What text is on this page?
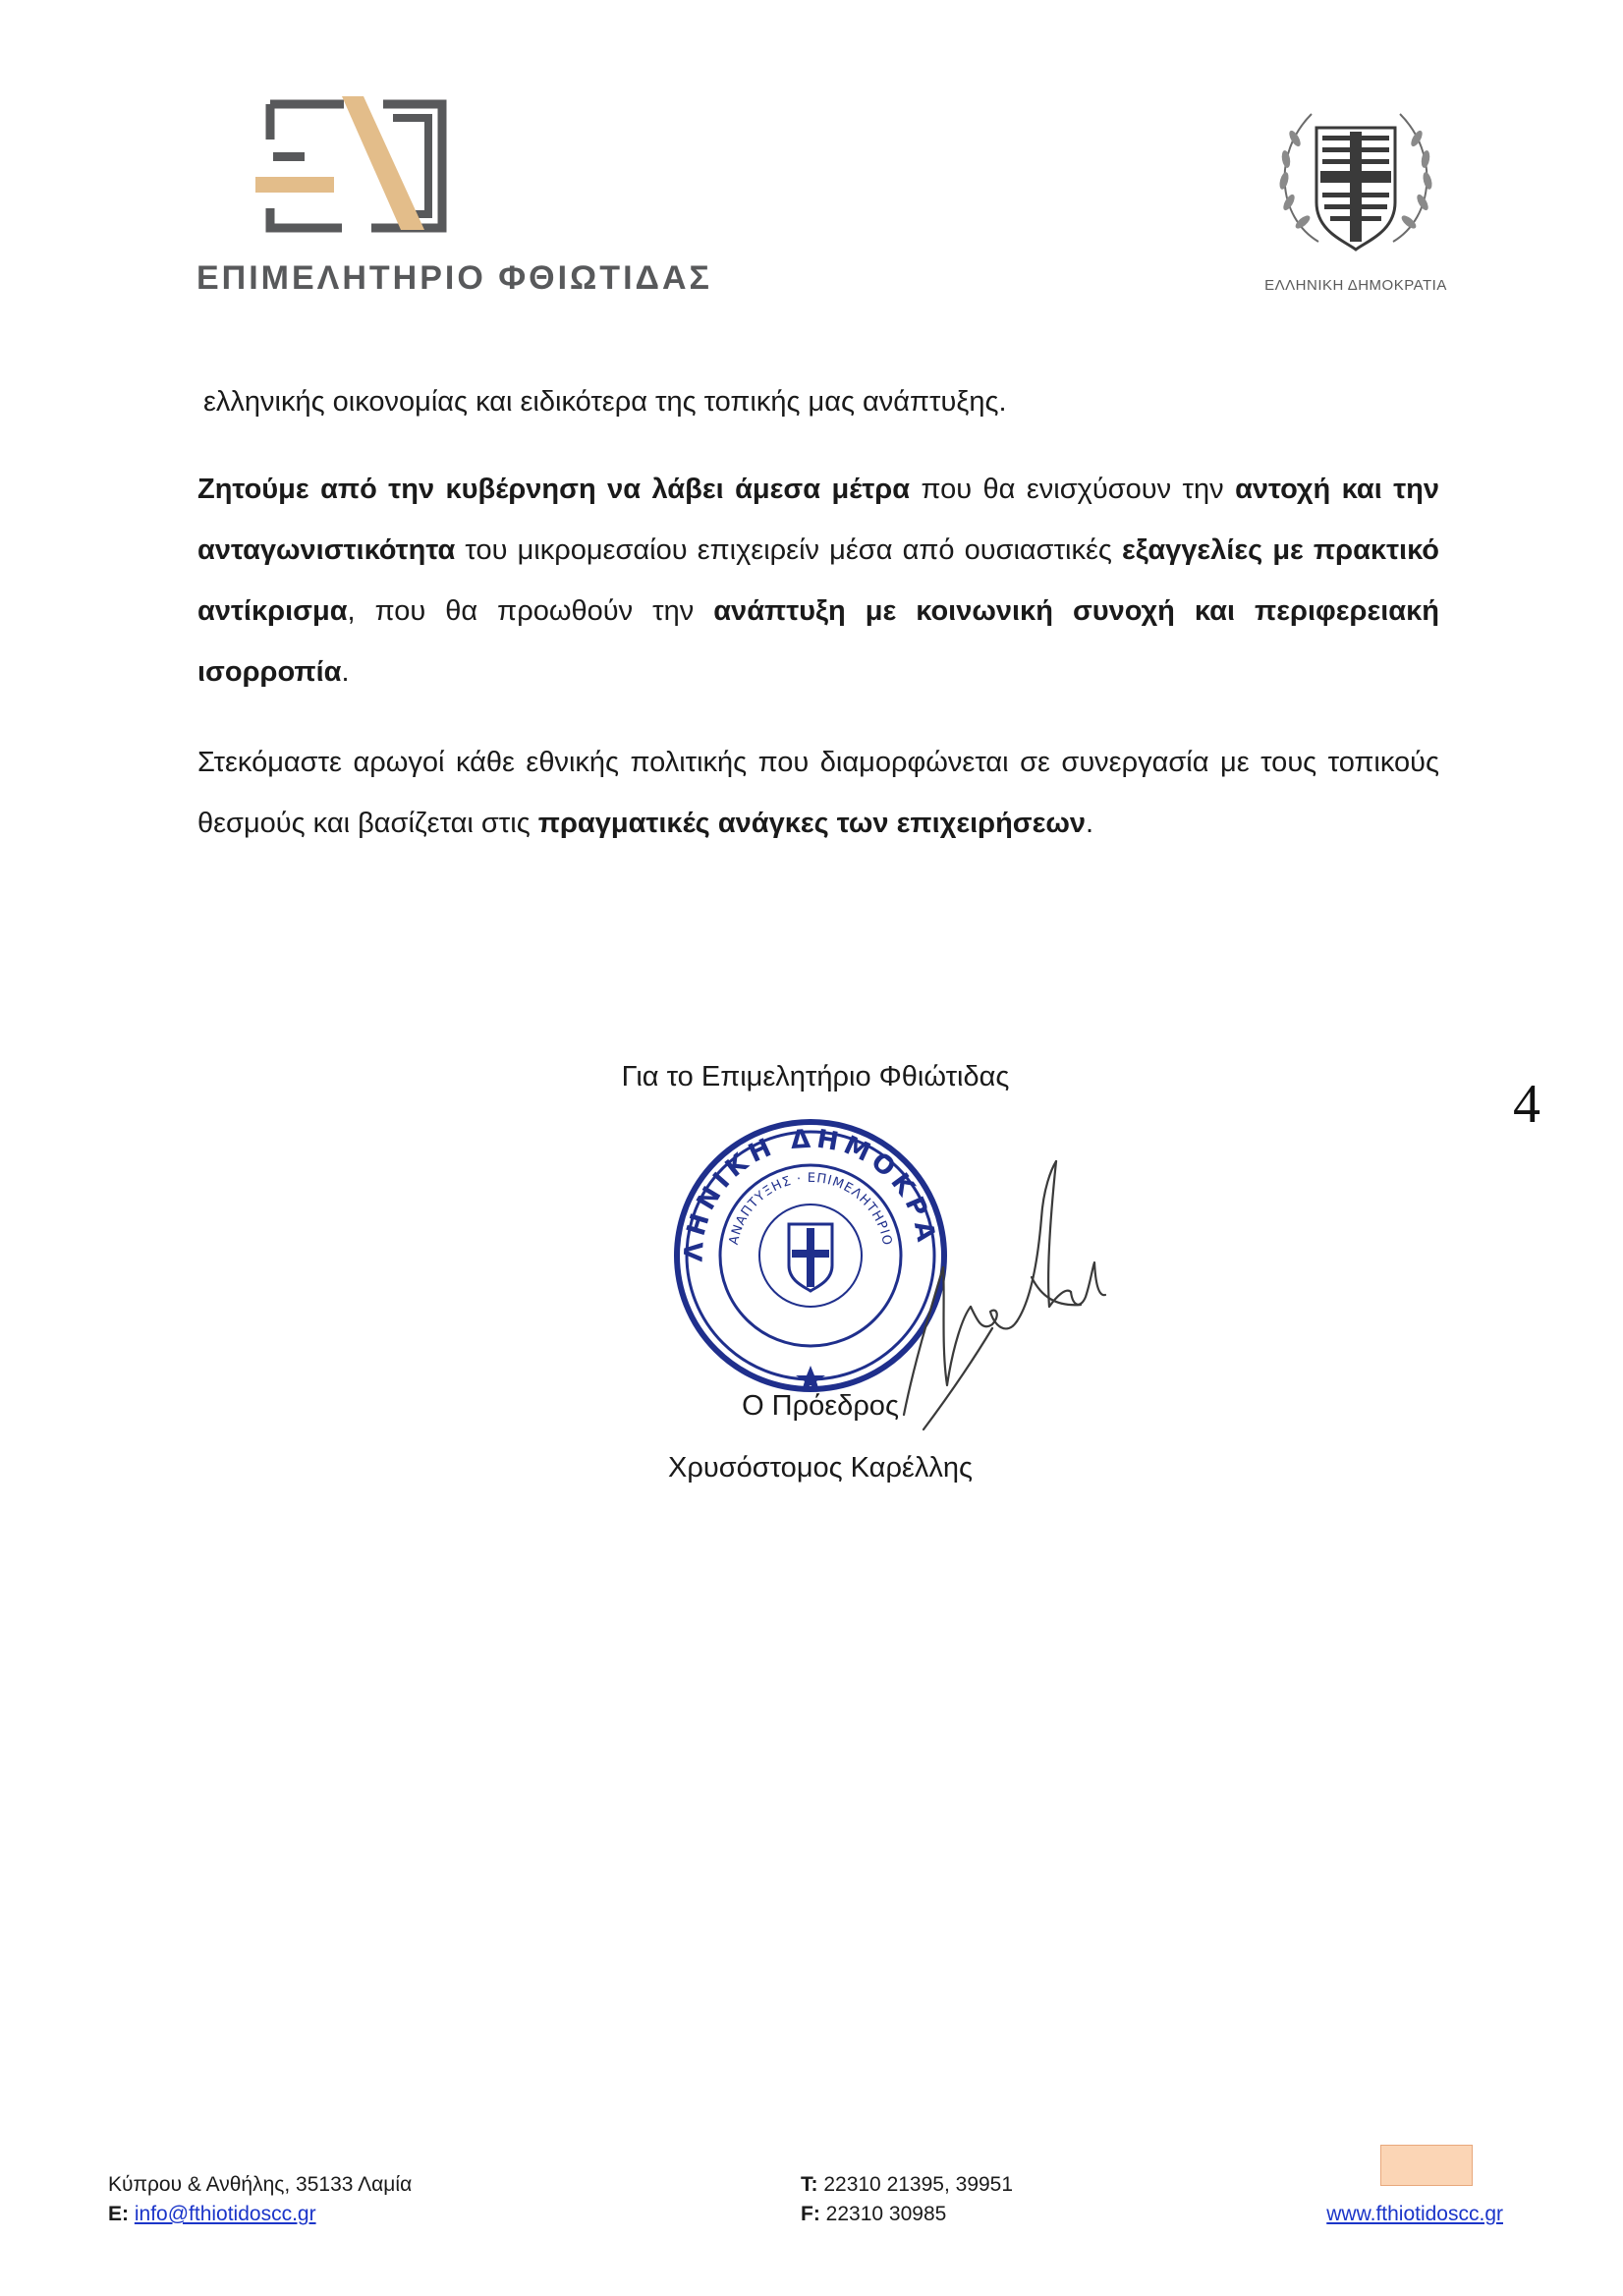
ΕΠΙΜΕΛΗΤΗΡΙΟ ΦΘΙΩΤΙΔΑΣ	ΕΛΛΗΝΙΚΗ ΔΗΜΟΚΡΑΤΙΑ
ελληνικής οικονομίας και ειδικότερα της τοπικής μας ανάπτυξης.
Ζητούμε από την κυβέρνηση να λάβει άμεσα μέτρα που θα ενισχύσουν την αντοχή και την ανταγωνιστικότητα του μικρομεσαίου επιχειρείν μέσα από ουσιαστικές εξαγγελίες με πρακτικό αντίκρισμα, που θα προωθούν την ανάπτυξη με κοινωνική συνοχή και περιφερειακή ισορροπία.
Στεκόμαστε αρωγοί κάθε εθνικής πολιτικής που διαμορφώνεται σε συνεργασία με τους τοπικούς θεσμούς και βασίζεται στις πραγματικές ανάγκες των επιχειρήσεων.
Για το Επιμελητήριο Φθιώτιδας	4
ΛΗΝΙΚΗ ΔΗΜΟΚΡΑ
ΑΝΑΠΤΥΞΗΣ · ΕΠΙΜΕΛΗΤΗΡΙΟ
Ο Πρόεδρος
Χρυσόστομος Καρέλλης
Κύπρου & Ανθήλης, 35133 Λαμία
E: info@fthiotidoscc.gr
T: 22310 21395, 39951
F: 22310 30985	www.fthiotidoscc.gr
